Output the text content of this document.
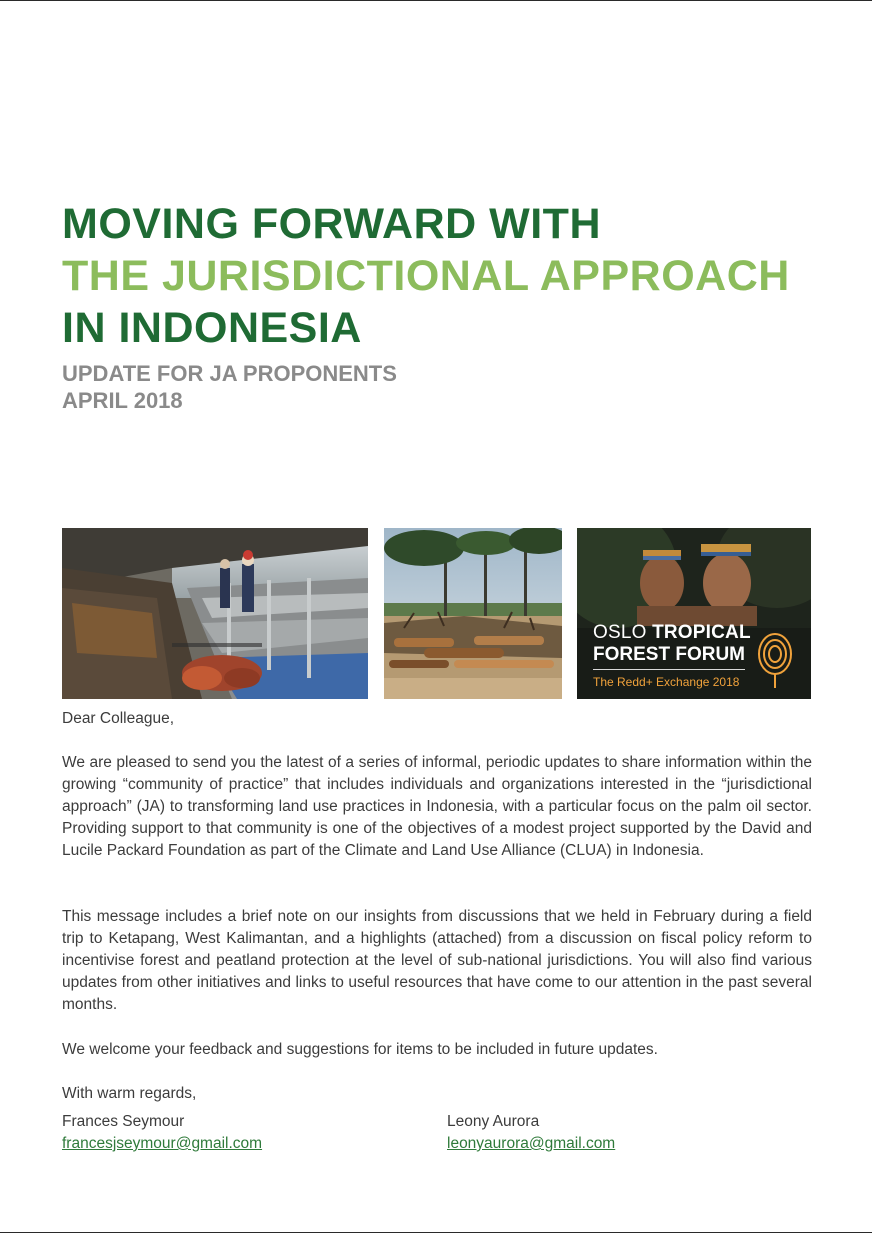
MOVING FORWARD WITH
THE JURISDICTIONAL APPROACH
IN INDONESIA
UPDATE FOR JA PROPONENTS
APRIL 2018
OSLO TROPICAL
FOREST FORUM
The Redd+ Exchange 2018
Dear Colleague,
We are pleased to send you the latest of a series of informal, periodic updates to share information within the growing “community of practice” that includes individuals and organizations interested in the “jurisdictional approach” (JA) to transforming land use practices in Indonesia, with a particular focus on the palm oil sector. Providing support to that community is one of the objectives of a modest project supported by the David and Lucile Packard Foundation as part of the Climate and Land Use Alliance (CLUA) in Indonesia.
This message includes a brief note on our insights from discussions that we held in February during a field trip to Ketapang, West Kalimantan, and a highlights (attached) from a discussion on fiscal policy reform to incentivise forest and peatland protection at the level of sub-national jurisdictions. You will also find various updates from other initiatives and links to useful resources that have come to our attention in the past several months.
We welcome your feedback and suggestions for items to be included in future updates.
With warm regards,
Frances Seymour
francesjseymour@gmail.com
Leony Aurora
leonyaurora@gmail.com
